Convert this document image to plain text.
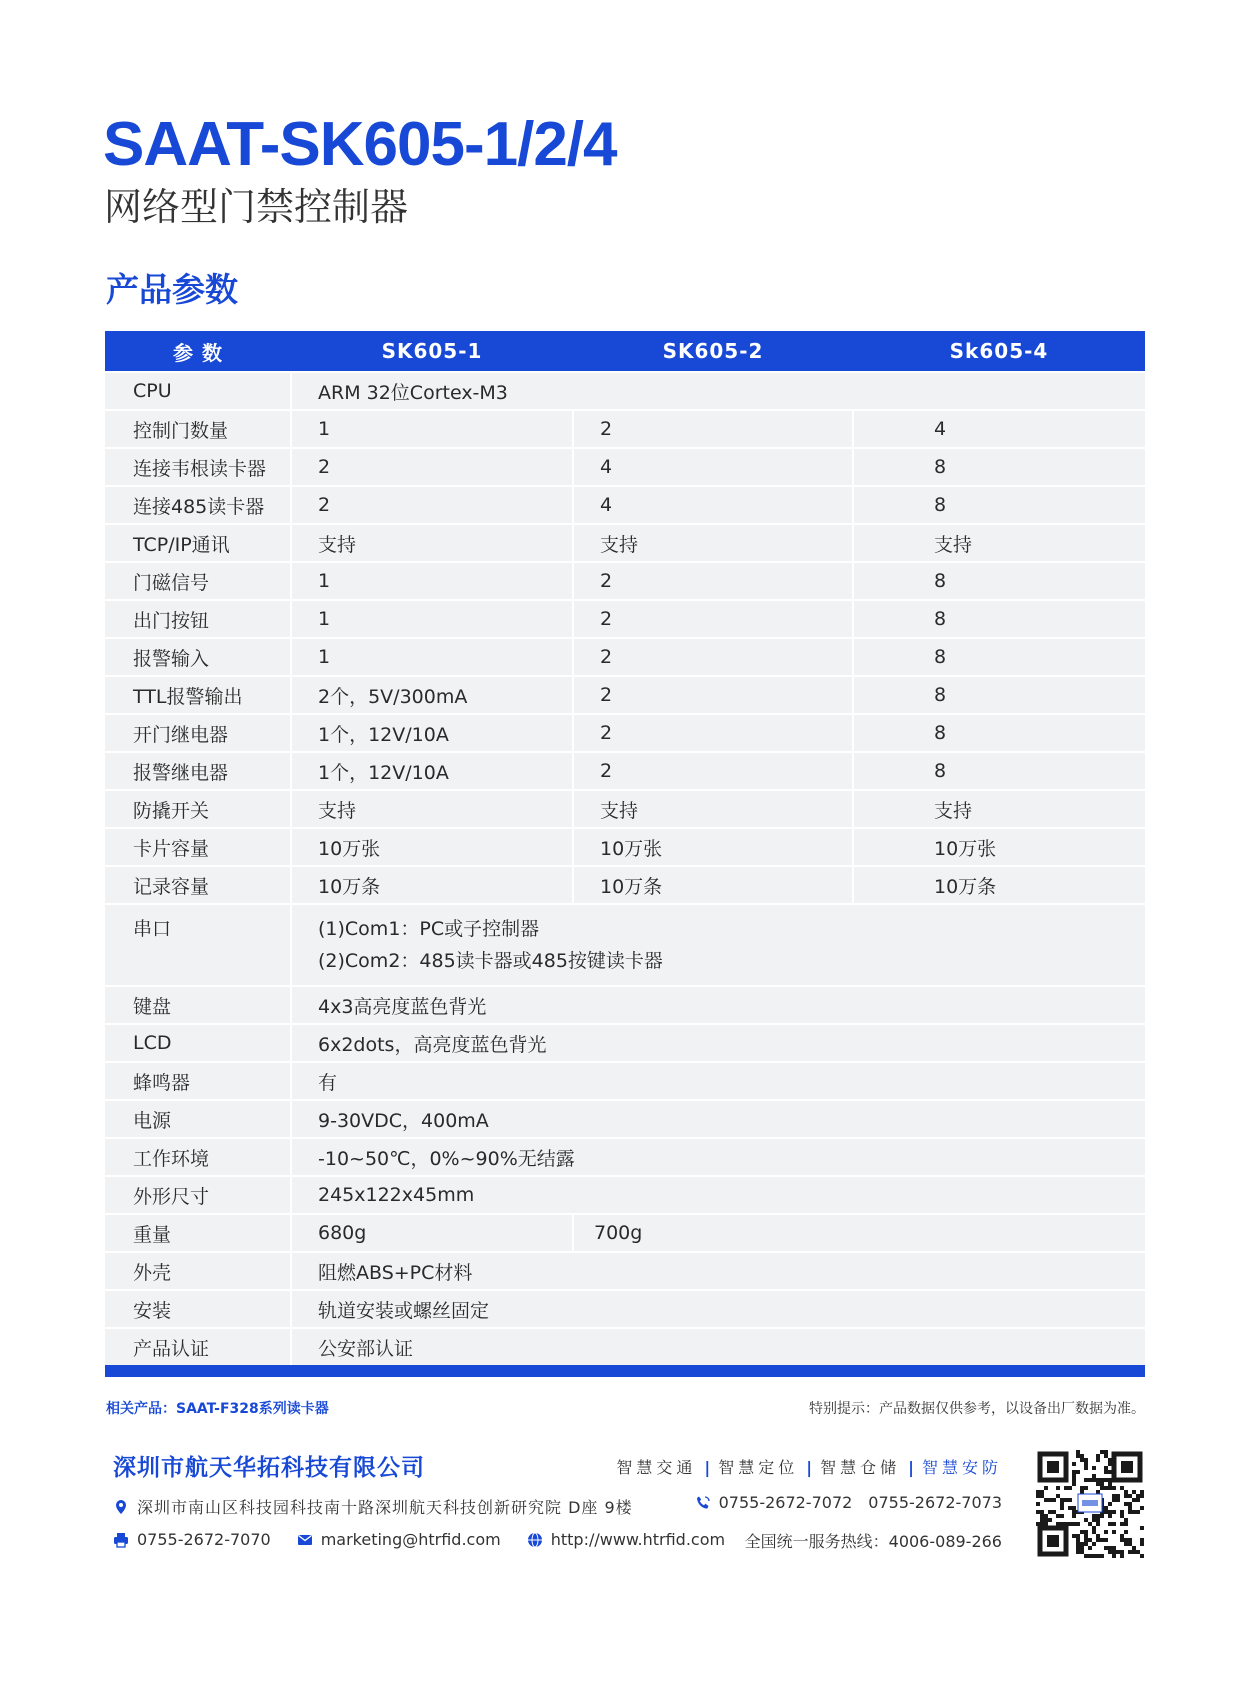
SAAT-SK605-1/2/4
网络型门禁控制器
产品参数
参 数	SK605-1	SK605-2	Sk605-4
CPU	ARM 32位Cortex-M3		
控制门数量	1	2	4
连接韦根读卡器	2	4	8
连接485读卡器	2	4	8
TCP/IP通讯	支持	支持	支持
门磁信号	1	2	8
出门按钮	1	2	8
报警输入	1	2	8
TTL报警输出	2个，5V/300mA	2	8
开门继电器	1个，12V/10A	2	8
报警继电器	1个，12V/10A	2	8
防撬开关	支持	支持	支持
卡片容量	10万张	10万张	10万张
记录容量	10万条	10万条	10万条
串口	(1)Com1：PC或子控制器
(2)Com2：485读卡器或485按键读卡器		

键盘	4x3高亮度蓝色背光		
LCD	6x2dots，高亮度蓝色背光		
蜂鸣器	有		
电源	9-30VDC，400mA		
工作环境	-10~50℃，0%~90%无结露		
外形尺寸	245x122x45mm		
重量	680g	700g	
外壳	阻燃ABS+PC材料		
安装	轨道安装或螺丝固定		
产品认证	公安部认证		
相关产品：SAAT-F328系列读卡器	特别提示：产品数据仅供参考，以设备出厂数据为准。
深圳市航天华拓科技有限公司	智慧交通 | 智慧定位 | 智慧仓储 | 智慧安防
深圳市南山区科技园科技南十路深圳航天科技创新研究院 D座 9楼	0755-2672-7072 0755-2672-7073
0755-2672-7070	marketing@htrfid.com	http://www.htrfid.com 全国统一服务热线：4006-089-266
